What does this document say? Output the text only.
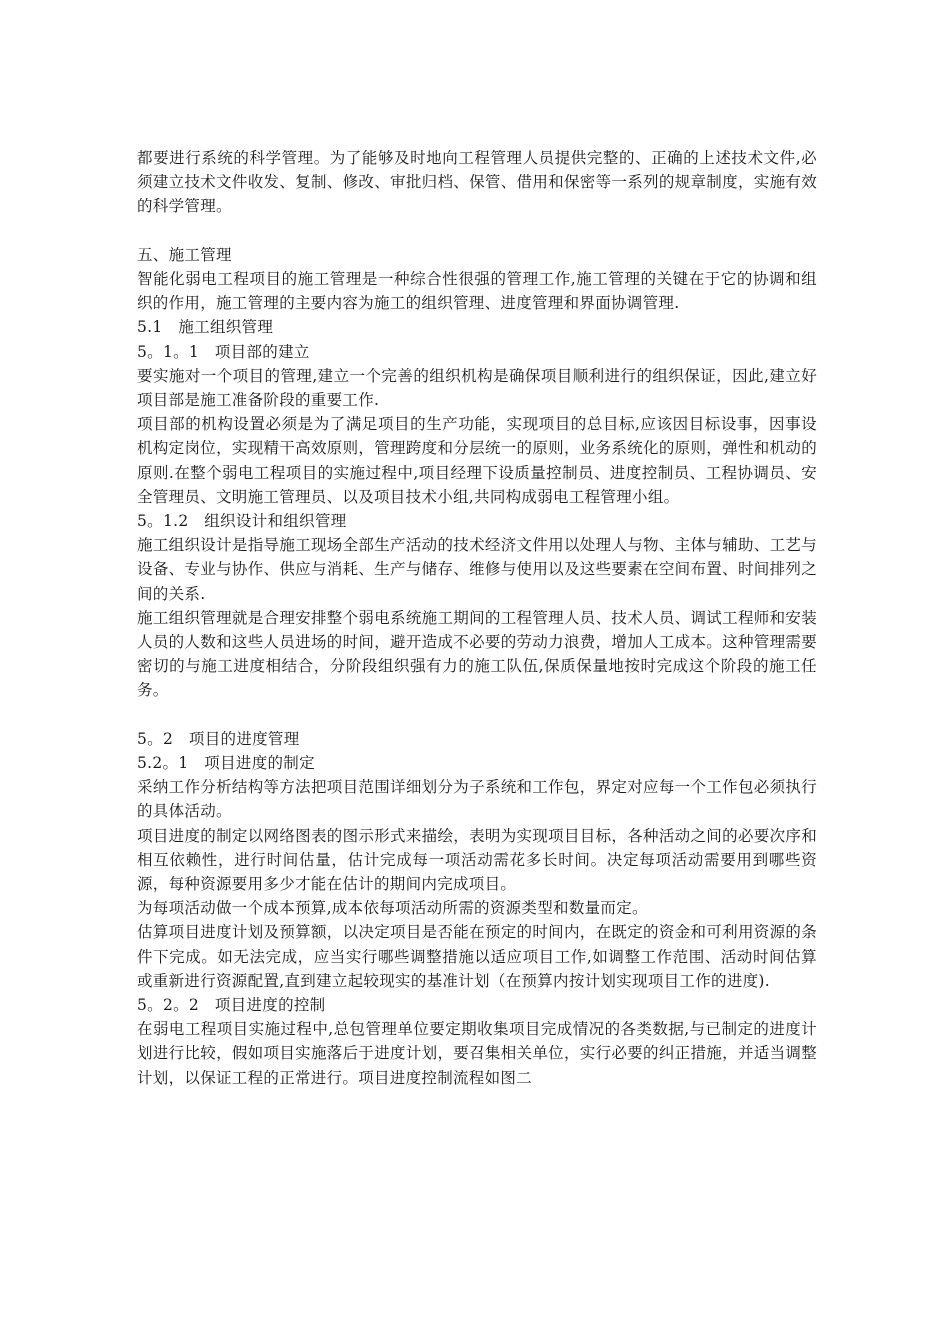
都要进行系统的科学管理。为了能够及时地向工程管理人员提供完整的、正确的上述技术文件,必须建立技术文件收发、复制、修改、审批归档、保管、借用和保密等一系列的规章制度，实施有效的科学管理。

五、施工管理

智能化弱电工程项目的施工管理是一种综合性很强的管理工作,施工管理的关键在于它的协调和组织的作用，施工管理的主要内容为施工的组织管理、进度管理和界面协调管理.

5.1　施工组织管理

5。1。1　项目部的建立

要实施对一个项目的管理,建立一个完善的组织机构是确保项目顺利进行的组织保证，因此,建立好项目部是施工准备阶段的重要工作.

项目部的机构设置必须是为了满足项目的生产功能，实现项目的总目标,应该因目标设事，因事设机构定岗位，实现精干高效原则，管理跨度和分层统一的原则，业务系统化的原则，弹性和机动的原则.在整个弱电工程项目的实施过程中,项目经理下设质量控制员、进度控制员、工程协调员、安全管理员、文明施工管理员、以及项目技术小组,共同构成弱电工程管理小组。

5。1.2　组织设计和组织管理

施工组织设计是指导施工现场全部生产活动的技术经济文件用以处理人与物、主体与辅助、工艺与设备、专业与协作、供应与消耗、生产与储存、维修与使用以及这些要素在空间布置、时间排列之间的关系.

施工组织管理就是合理安排整个弱电系统施工期间的工程管理人员、技术人员、调试工程师和安装人员的人数和这些人员进场的时间，避开造成不必要的劳动力浪费，增加人工成本。这种管理需要密切的与施工进度相结合，分阶段组织强有力的施工队伍,保质保量地按时完成这个阶段的施工任务。

5。2　项目的进度管理

5.2。1　项目进度的制定

采纳工作分析结构等方法把项目范围详细划分为子系统和工作包，界定对应每一个工作包必须执行的具体活动。

项目进度的制定以网络图表的图示形式来描绘，表明为实现项目目标，各种活动之间的必要次序和相互依赖性，进行时间估量，估计完成每一项活动需花多长时间。决定每项活动需要用到哪些资源，每种资源要用多少才能在估计的期间内完成项目。

为每项活动做一个成本预算,成本依每项活动所需的资源类型和数量而定。

估算项目进度计划及预算额，以决定项目是否能在预定的时间内，在既定的资金和可利用资源的条件下完成。如无法完成，应当实行哪些调整措施以适应项目工作,如调整工作范围、活动时间估算或重新进行资源配置,直到建立起较现实的基准计划（在预算内按计划实现项目工作的进度).

5。2。2　项目进度的控制

在弱电工程项目实施过程中,总包管理单位要定期收集项目完成情况的各类数据,与已制定的进度计划进行比较，假如项目实施落后于进度计划，要召集相关单位，实行必要的纠正措施，并适当调整计划，以保证工程的正常进行。项目进度控制流程如图二
